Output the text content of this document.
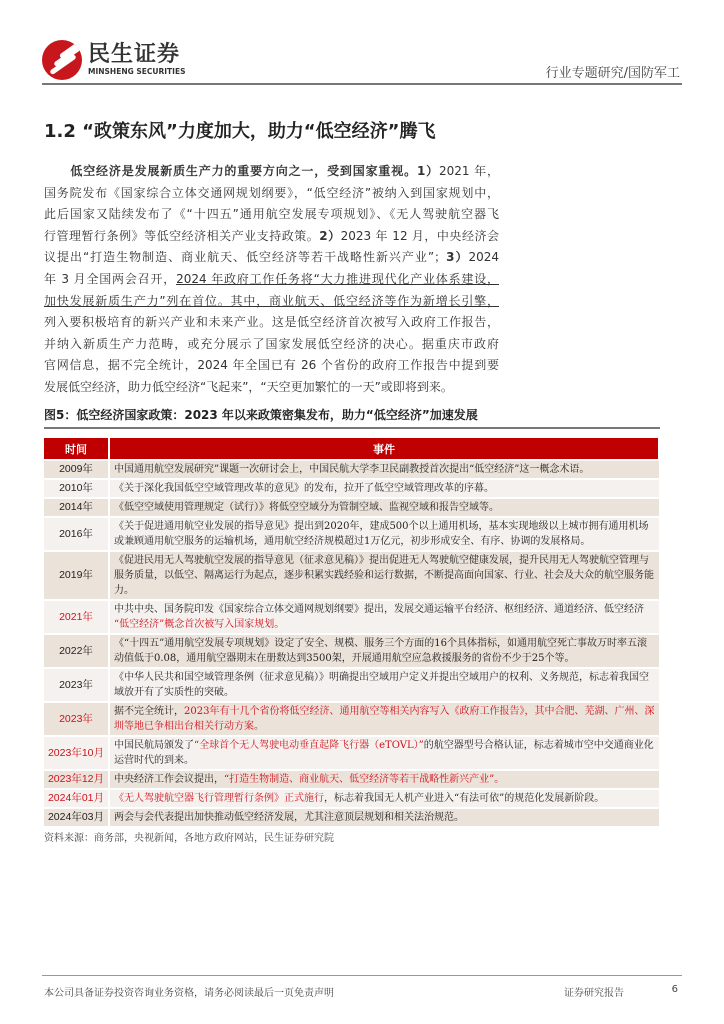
民生证券
MINSHENG SECURITIES	行业专题研究/国防军工
1.2 “政策东风”力度加大，助力“低空经济”腾飞
低空经济是发展新质生产力的重要方向之一，受到国家重视。1）2021 年，
国务院发布《国家综合立体交通网规划纲要》，“低空经济”被纳入到国家规划中，
此后国家又陆续发布了《“十四五”通用航空发展专项规划》、《无人驾驶航空器飞
行管理暂行条例》等低空经济相关产业支持政策。2）2023 年 12 月，中央经济会
议提出“打造生物制造、商业航天、低空经济等若干战略性新兴产业”；3）2024
年 3 月全国两会召开，2024 年政府工作任务将“大力推进现代化产业体系建设，
加快发展新质生产力”列在首位。其中，商业航天、低空经济等作为新增长引擎，
列入要积极培育的新兴产业和未来产业。这是低空经济首次被写入政府工作报告，
并纳入新质生产力范畴，或充分展示了国家发展低空经济的决心。据重庆市政府
官网信息，据不完全统计，2024 年全国已有 26 个省份的政府工作报告中提到要
发展低空经济，助力低空经济“飞起来”，“天空更加繁忙的一天”或即将到来。
图5：低空经济国家政策：2023 年以来政策密集发布，助力“低空经济”加速发展
时间	事件
2009年	中国通用航空发展研究”课题一次研讨会上，中国民航大学李卫民副教授首次提出“低空经济”这一概念术语。
2010年	《关于深化我国低空空域管理改革的意见》的发布，拉开了低空空域管理改革的序幕。
2014年	《低空空域使用管理规定（试行）》将低空空域分为管制空域、监视空域和报告空域等。
2016年	《关于促进通用航空业发展的指导意见》提出到2020年，建成500个以上通用机场，基本实现地级以上城市拥有通用机场或兼顾通用航空服务的运输机场，通用航空经济规模超过1万亿元，初步形成安全、有序、协调的发展格局。
2019年	《促进民用无人驾驶航空发展的指导意见（征求意见稿）》提出促进无人驾驶航空健康发展，提升民用无人驾驶航空管理与服务质量，以低空、隔离运行为起点，逐步积累实践经验和运行数据，不断提高面向国家、行业、社会及大众的航空服务能力。
2021年	中共中央、国务院印发《国家综合立体交通网规划纲要》提出，发展交通运输平台经济、枢纽经济、通道经济、低空经济 “低空经济”概念首次被写入国家规划。
2022年	《“十四五”通用航空发展专项规划》设定了安全、规模、服务三个方面的16个具体指标，如通用航空死亡事故万时率五滚动值低于0.08，通用航空器期末在册数达到3500架，开展通用航空应急救援服务的省份不少于25个等。
2023年	《中华人民共和国空域管理条例（征求意见稿）》明确提出空域用户定义并提出空域用户的权利、义务规范，标志着我国空域放开有了实质性的突破。
2023年	据不完全统计，2023年有十几个省份将低空经济、通用航空等相关内容写入《政府工作报告》，其中合肥、芜湖、广州、深圳等地已争相出台相关行动方案。
2023年10月	中国民航局颁发了“全球首个无人驾驶电动垂直起降飞行器（eTOVL）”的航空器型号合格认证，标志着城市空中交通商业化运营时代的到来。
2023年12月	中央经济工作会议提出，“打造生物制造、商业航天、低空经济等若干战略性新兴产业”。
2024年01月	《无人驾驶航空器飞行管理暂行条例》正式施行，标志着我国无人机产业进入“有法可依”的规范化发展新阶段。
2024年03月	两会与会代表提出加快推动低空经济发展，尤其注意顶层规划和相关法治规范。
资料来源：商务部，央视新闻，各地方政府网站，民生证券研究院
本公司具备证券投资咨询业务资格，请务必阅读最后一页免责声明	证券研究报告	6
